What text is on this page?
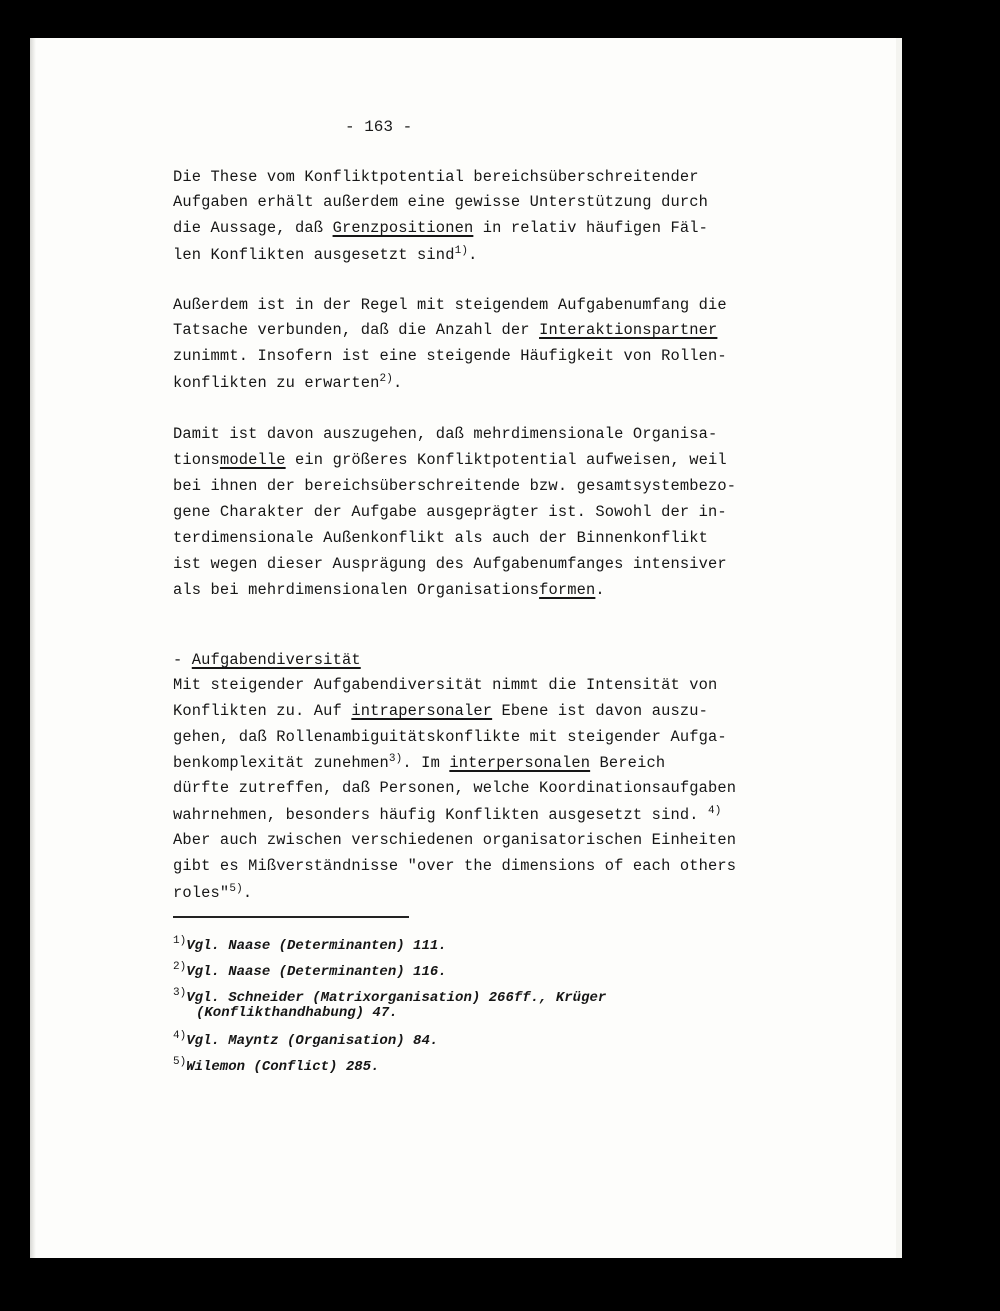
- 163 -
Die These vom Konfliktpotential bereichsüberschreitender
Aufgaben erhält außerdem eine gewisse Unterstützung durch
die Aussage, daß Grenzpositionen in relativ häufigen Fäl-
len Konflikten ausgesetzt sind$^{1)}$.
Außerdem ist in der Regel mit steigendem Aufgabenumfang die
Tatsache verbunden, daß die Anzahl der Interaktionspartner
zunimmt. Insofern ist eine steigende Häufigkeit von Rollen-
konflikten zu erwarten$^{2)}$.
Damit ist davon auszugehen, daß mehrdimensionale Organisa-
tionsmodelle ein größeres Konfliktpotential aufweisen, weil
bei ihnen der bereichsüberschreitende bzw. gesamtsystembezo-
gene Charakter der Aufgabe ausgeprägter ist. Sowohl der in-
terdimensionale Außenkonflikt als auch der Binnenkonflikt
ist wegen dieser Ausprägung des Aufgabenumfanges intensiver
als bei mehrdimensionalen Organisationsformen.
- Aufgabendiversität
Mit steigender Aufgabendiversität nimmt die Intensität von
Konflikten zu. Auf intrapersonaler Ebene ist davon auszu-
gehen, daß Rollenambiguitätskonflikte mit steigender Aufga-
benkomplexität zunehmen$^{3)}$. Im interpersonalen Bereich
dürfte zutreffen, daß Personen, welche Koordinationsaufgaben
wahrnehmen, besonders häufig Konflikten ausgesetzt sind. $^{4)}$
Aber auch zwischen verschiedenen organisatorischen Einheiten
gibt es Mißverständnisse "over the dimensions of each others
roles"$^{5)}$.
$^{1)}$Vgl. Naase (Determinanten) 111.
$^{2)}$Vgl. Naase (Determinanten) 116.
$^{3)}$Vgl. Schneider (Matrixorganisation) 266ff., Krüger
(Konflikthandhabung) 47.
$^{4)}$Vgl. Mayntz (Organisation) 84.
$^{5)}$Wilemon (Conflict) 285.
